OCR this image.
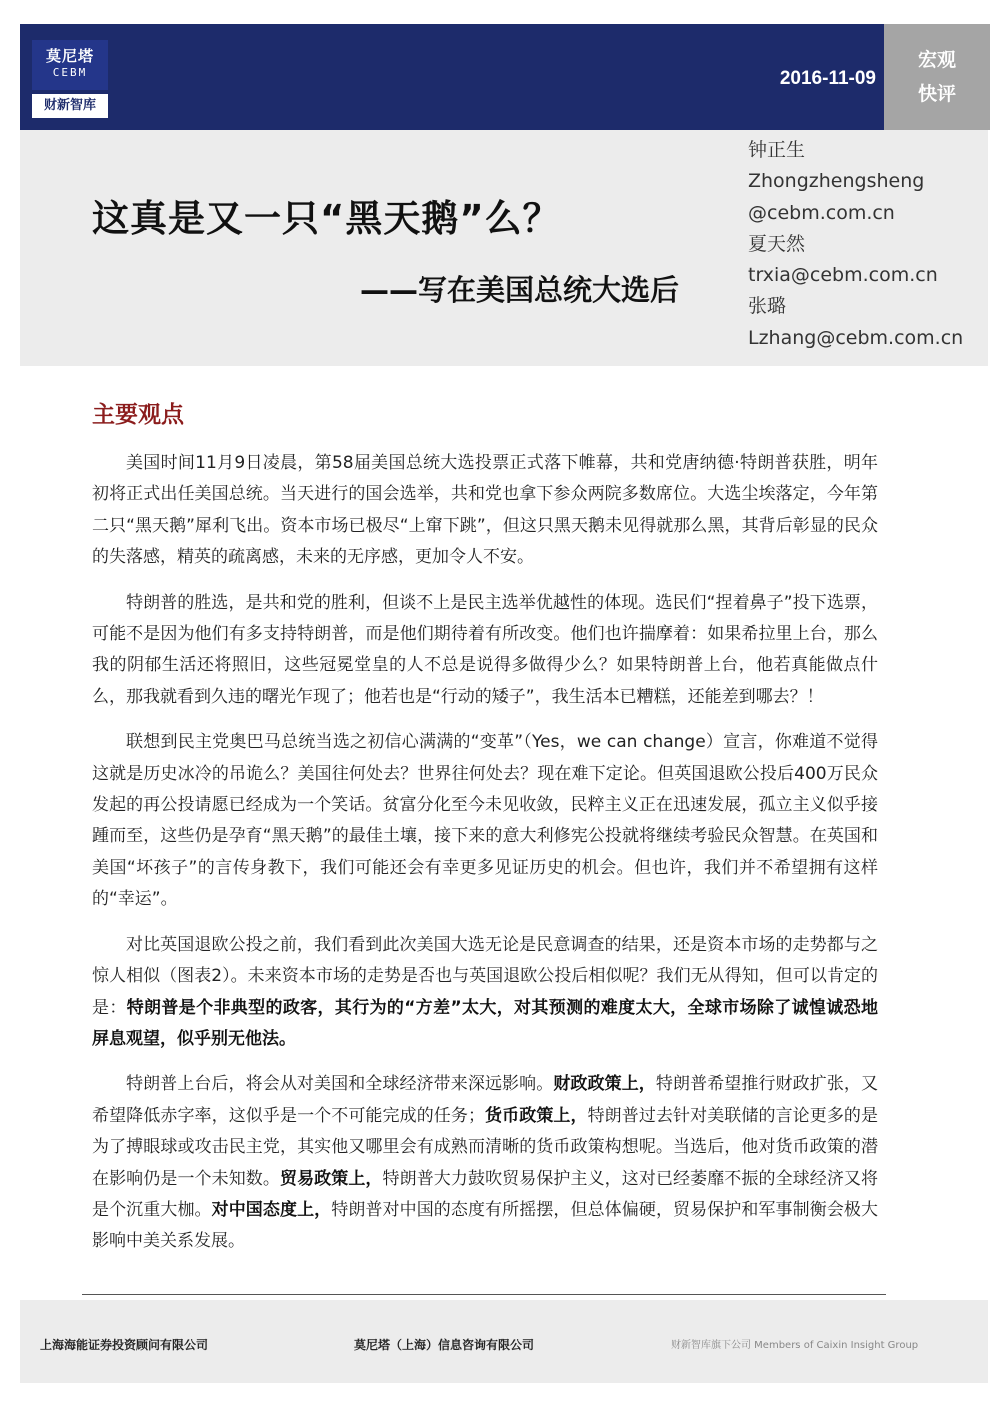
莫尼塔
CEBM
财新智库
2016-11-09
宏观
快评
这真是又一只“黑天鹅”么？
——写在美国总统大选后
钟正生
Zhongzhengsheng
@cebm.com.cn
夏天然
trxia@cebm.com.cn
张璐
Lzhang@cebm.com.cn
主要观点

美国时间11月9日凌晨，第58届美国总统大选投票正式落下帷幕，共和党唐纳德·特朗普获胜，明年初将正式出任美国总统。当天进行的国会选举，共和党也拿下参众两院多数席位。大选尘埃落定，今年第二只“黑天鹅”犀利飞出。资本市场已极尽“上窜下跳”，但这只黑天鹅未见得就那么黑，其背后彰显的民众的失落感，精英的疏离感，未来的无序感，更加令人不安。

特朗普的胜选，是共和党的胜利，但谈不上是民主选举优越性的体现。选民们“捏着鼻子”投下选票，可能不是因为他们有多支持特朗普，而是他们期待着有所改变。他们也许揣摩着：如果希拉里上台，那么我的阴郁生活还将照旧，这些冠冕堂皇的人不总是说得多做得少么？如果特朗普上台，他若真能做点什么，那我就看到久违的曙光乍现了；他若也是“行动的矮子”，我生活本已糟糕，还能差到哪去？！

联想到民主党奥巴马总统当选之初信心满满的“变革”（Yes，we can change）宣言，你难道不觉得这就是历史冰冷的吊诡么？美国往何处去？世界往何处去？现在难下定论。但英国退欧公投后400万民众发起的再公投请愿已经成为一个笑话。贫富分化至今未见收敛，民粹主义正在迅速发展，孤立主义似乎接踵而至，这些仍是孕育“黑天鹅”的最佳土壤，接下来的意大利修宪公投就将继续考验民众智慧。在英国和美国“坏孩子”的言传身教下，我们可能还会有幸更多见证历史的机会。但也许，我们并不希望拥有这样的“幸运”。

对比英国退欧公投之前，我们看到此次美国大选无论是民意调查的结果，还是资本市场的走势都与之惊人相似（图表2）。未来资本市场的走势是否也与英国退欧公投后相似呢？我们无从得知，但可以肯定的是：特朗普是个非典型的政客，其行为的“方差”太大，对其预测的难度太大，全球市场除了诚惶诚恐地屏息观望，似乎别无他法。

特朗普上台后，将会从对美国和全球经济带来深远影响。财政政策上，特朗普希望推行财政扩张，又希望降低赤字率，这似乎是一个不可能完成的任务；货币政策上，特朗普过去针对美联储的言论更多的是为了搏眼球或攻击民主党，其实他又哪里会有成熟而清晰的货币政策构想呢。当选后，他对货币政策的潜在影响仍是一个未知数。贸易政策上，特朗普大力鼓吹贸易保护主义，这对已经萎靡不振的全球经济又将是个沉重大枷。对中国态度上，特朗普对中国的态度有所摇摆，但总体偏硬，贸易保护和军事制衡会极大影响中美关系发展。

上海海能证券投资顾问有限公司	莫尼塔（上海）信息咨询有限公司	财新智库旗下公司 Members of Caixin Insight Group
